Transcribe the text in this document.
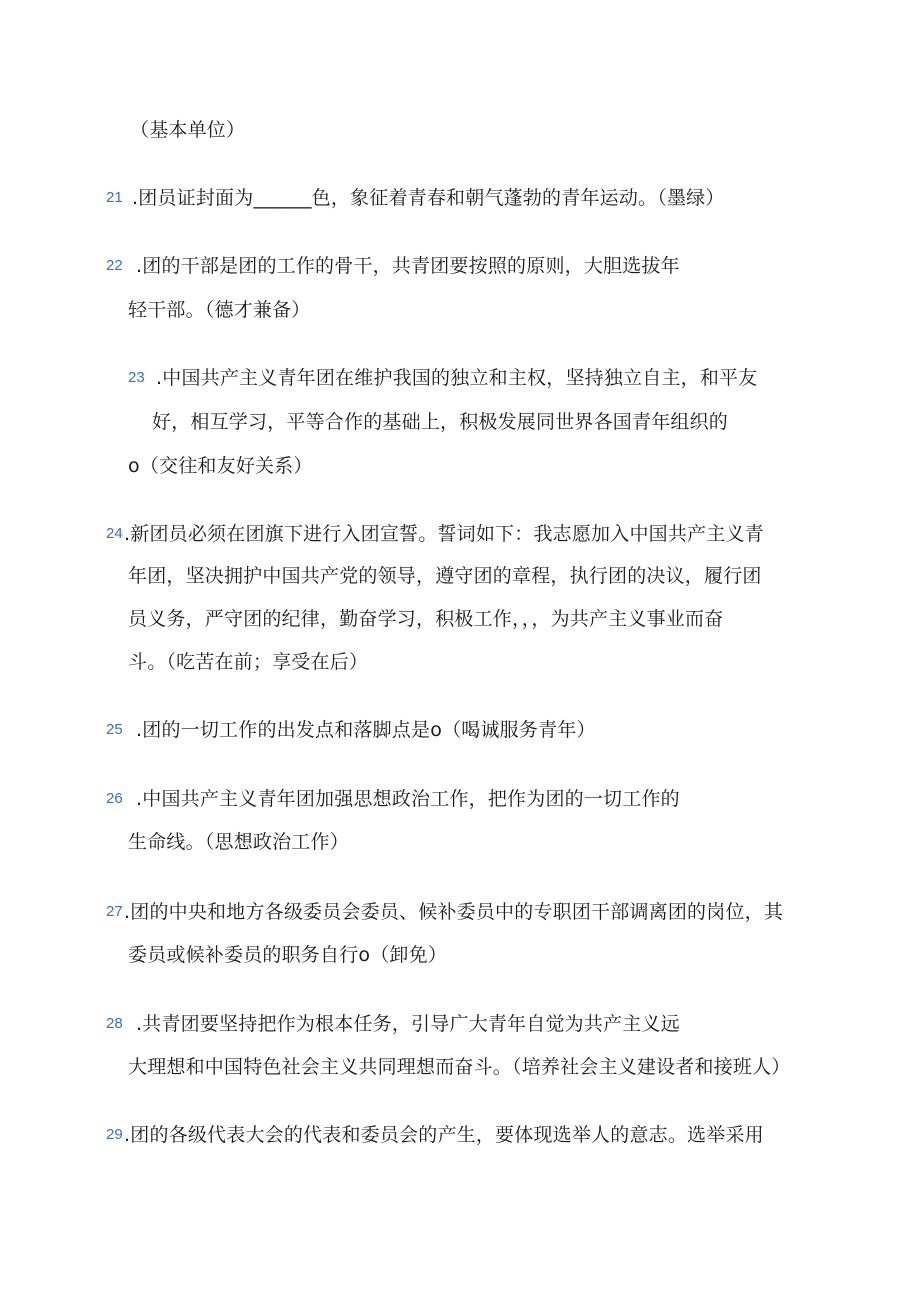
（基本单位）
21 .团员证封面为______色，象征着青春和朝气蓬勃的青年运动。（墨绿）
22 .团的干部是团的工作的骨干，共青团要按照的原则，大胆选拔年
轻干部。（德才兼备）
23 .中国共产主义青年团在维护我国的独立和主权，坚持独立自主，和平友
好，相互学习，平等合作的基础上，积极发展同世界各国青年组织的
o（交往和友好关系）
24 .新团员必须在团旗下进行入团宣誓。誓词如下：我志愿加入中国共产主义青
年团，坚决拥护中国共产党的领导，遵守团的章程，执行团的决议，履行团
员义务，严守团的纪律，勤奋学习，积极工作，，，为共产主义事业而奋
斗。（吃苦在前；享受在后）
25 .团的一切工作的出发点和落脚点是o（喝诚服务青年）
26 .中国共产主义青年团加强思想政治工作，把作为团的一切工作的
生命线。（思想政治工作）
27 .团的中央和地方各级委员会委员、候补委员中的专职团干部调离团的岗位，其
委员或候补委员的职务自行o（卸免）
28 .共青团要坚持把作为根本任务，引导广大青年自觉为共产主义远
大理想和中国特色社会主义共同理想而奋斗。（培养社会主义建设者和接班人）
29 .团的各级代表大会的代表和委员会的产生，要体现选举人的意志。选举采用
